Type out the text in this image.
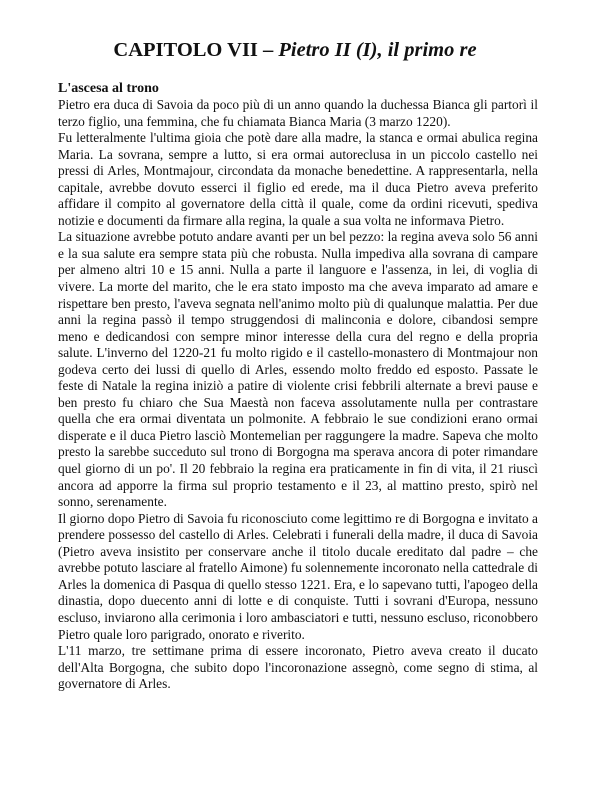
CAPITOLO VII – Pietro II (I), il primo re
L'ascesa al trono

Pietro era duca di Savoia da poco più di un anno quando la duchessa Bianca gli partorì il terzo figlio, una femmina, che fu chiamata Bianca Maria (3 marzo 1220).

Fu letteralmente l'ultima gioia che potè dare alla madre, la stanca e ormai abulica regina Maria. La sovrana, sempre a lutto, si era ormai autoreclusa in un piccolo castello nei pressi di Arles, Montmajour, circondata da monache benedettine. A rappresentarla, nella capitale, avrebbe dovuto esserci il figlio ed erede, ma il duca Pietro aveva preferito affidare il compito al governatore della città il quale, come da ordini ricevuti, spediva notizie e documenti da firmare alla regina, la quale a sua volta ne informava Pietro.

La situazione avrebbe potuto andare avanti per un bel pezzo: la regina aveva solo 56 anni e la sua salute era sempre stata più che robusta. Nulla impediva alla sovrana di campare per almeno altri 10 e 15 anni. Nulla a parte il languore e l'assenza, in lei, di voglia di vivere. La morte del marito, che le era stato imposto ma che aveva imparato ad amare e rispettare ben presto, l'aveva segnata nell'animo molto più di qualunque malattia. Per due anni la regina passò il tempo struggendosi di malinconia e dolore, cibandosi sempre meno e dedicandosi con sempre minor interesse della cura del regno e della propria salute. L'inverno del 1220-21 fu molto rigido e il castello-monastero di Montmajour non godeva certo dei lussi di quello di Arles, essendo molto freddo ed esposto. Passate le feste di Natale la regina iniziò a patire di violente crisi febbrili alternate a brevi pause e ben presto fu chiaro che Sua Maestà non faceva assolutamente nulla per contrastare quella che era ormai diventata un polmonite. A febbraio le sue condizioni erano ormai disperate e il duca Pietro lasciò Montemelian per raggungere la madre. Sapeva che molto presto la sarebbe succeduto sul trono di Borgogna ma sperava ancora di poter rimandare quel giorno di un po'. Il 20 febbraio la regina era praticamente in fin di vita, il 21 riuscì ancora ad apporre la firma sul proprio testamento e il 23, al mattino presto, spirò nel sonno, serenamente.

Il giorno dopo Pietro di Savoia fu riconosciuto come legittimo re di Borgogna e invitato a prendere possesso del castello di Arles. Celebrati i funerali della madre, il duca di Savoia (Pietro aveva insistito per conservare anche il titolo ducale ereditato dal padre – che avrebbe potuto lasciare al fratello Aimone) fu solennemente incoronato nella cattedrale di Arles la domenica di Pasqua di quello stesso 1221. Era, e lo sapevano tutti, l'apogeo della dinastia, dopo duecento anni di lotte e di conquiste. Tutti i sovrani d'Europa, nessuno escluso, inviarono alla cerimonia i loro ambasciatori e tutti, nessuno escluso, riconobbero Pietro quale loro parigrado, onorato e riverito.

L'11 marzo, tre settimane prima di essere incoronato, Pietro aveva creato il ducato dell'Alta Borgogna, che subito dopo l'incoronazione assegnò, come segno di stima, al governatore di Arles.
